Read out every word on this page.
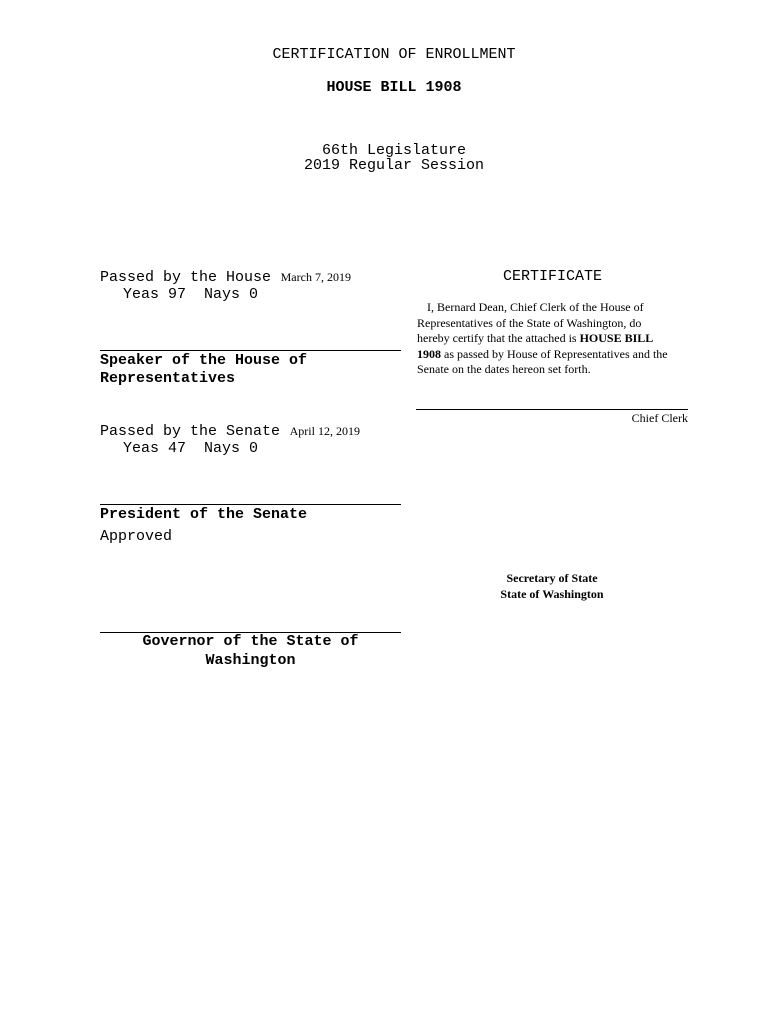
CERTIFICATION OF ENROLLMENT
HOUSE BILL 1908
66th Legislature
2019 Regular Session
Passed by the House March 7, 2019
Yeas 97  Nays 0
Speaker of the House of
Representatives
Passed by the Senate April 12, 2019
Yeas 47  Nays 0
President of the Senate
Approved
Governor of the State of
Washington
CERTIFICATE
I, Bernard Dean, Chief Clerk of the House of
Representatives of the State of Washington, do
hereby certify that the attached is HOUSE BILL
1908 as passed by House of Representatives and the
Senate on the dates hereon set forth.
Chief Clerk
Secretary of State
State of Washington
